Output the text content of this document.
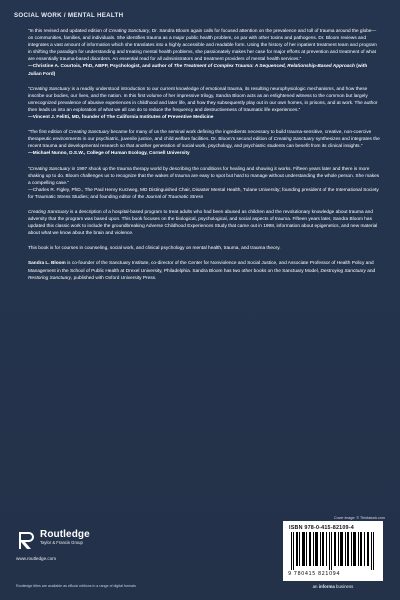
SOCIAL WORK / MENTAL HEALTH

“In this revised and updated edition of Creating Sanctuary, Dr. Sandra Bloom again calls for focused attention on the prevalence and toll of trauma around the globe—on communities, families, and individuals. She identifies trauma as a major public health problem, on par with other toxins and pathogens. Dr. Bloom reviews and integrates a vast amount of information which she translates into a highly accessible and readable form. Using the history of her inpatient treatment team and program in shifting the paradigm for understanding and treating mental health problems, she passionately makes her case for major efforts at prevention and treatment of what are essentially trauma-based disorders. An essential read for all administrators and treatment providers of mental health services.”
—Christine A. Courtois, PhD, ABPP, Psychologist, and author of The Treatment of Complex Trauma: A Sequenced, Relationship-Based Approach (with Julian Ford)

“Creating Sanctuary is a readily understood introduction to our current knowledge of emotional trauma, its resulting neurophysiologic mechanisms, and how these inscribe our bodies, our lives, and the nation. In this first volume of her impressive trilogy, Sandra Bloom acts as an enlightened witness to the common but largely unrecognized prevalence of abusive experiences in childhood and later life, and how they subsequently play out in our own homes, in prisons, and at work. The author then leads us into an exploration of what we all can do to reduce the frequency and destructiveness of traumatic life experiences.”
—Vincent J. Felitti, MD, founder of The California Institutes of Preventive Medicine

“The first edition of Creating Sanctuary became for many of us the seminal work defining the ingredients necessary to build trauma-sensitive, creative, non-coercive therapeutic environments in our psychiatric, juvenile justice, and child welfare facilities. Dr. Bloom's second edition of Creating Sanctuary synthesizes and integrates the recent trauma and developmental research so that another generation of social work, psychology, and psychiatric students can benefit from its clinical insights.”
—Michael Nunno, D.S.W., College of Human Ecology, Cornell University

“Creating Sanctuary in 1997 shook up the trauma therapy world by describing the conditions for healing and showing it works. Fifteen years later and there is more shaking up to do. Bloom challenges us to recognize that the wakes of trauma are easy to spot but hard to manage without understanding the whole person. She makes a compelling case.”
—Charles R. Figley, PhD., The Paul Henry Kurzweg, MD Distinguished Chair, Disaster Mental Health, Tulane University; founding president of the International Society for Traumatic Stress Studies; and founding editor of the Journal of Traumatic Stress

Creating Sanctuary is a description of a hospital-based program to treat adults who had been abused as children and the revolutionary knowledge about trauma and adversity that the program was based upon. This book focuses on the biological, psychological, and social aspects of trauma. Fifteen years later, Sandra Bloom has updated this classic work to include the groundbreaking Adverse Childhood Experiences Study that came out in 1998, information about epigenetics, and new material about what we know about the brain and violence.

This book is for courses in counseling, social work, and clinical psychology on mental health, trauma, and trauma theory.

Sandra L. Bloom is co-founder of the Sanctuary Institute, co-director of the Center for Nonviolence and Social Justice, and Associate Professor of Health Policy and Management in the School of Public Health at Drexel University, Philadelphia. Sandra Bloom has two other books on the Sanctuary Model, Destroying Sanctuary and Restoring Sanctuary, published with Oxford University Press.

Cover image: © Thinkstock.com
Routledge
Taylor & Francis Group
www.routledge.com
Routledge titles are available as eBook editions in a range of digital formats
ISBN 978-0-415-82109-4
9 780415 821094
an informa business
